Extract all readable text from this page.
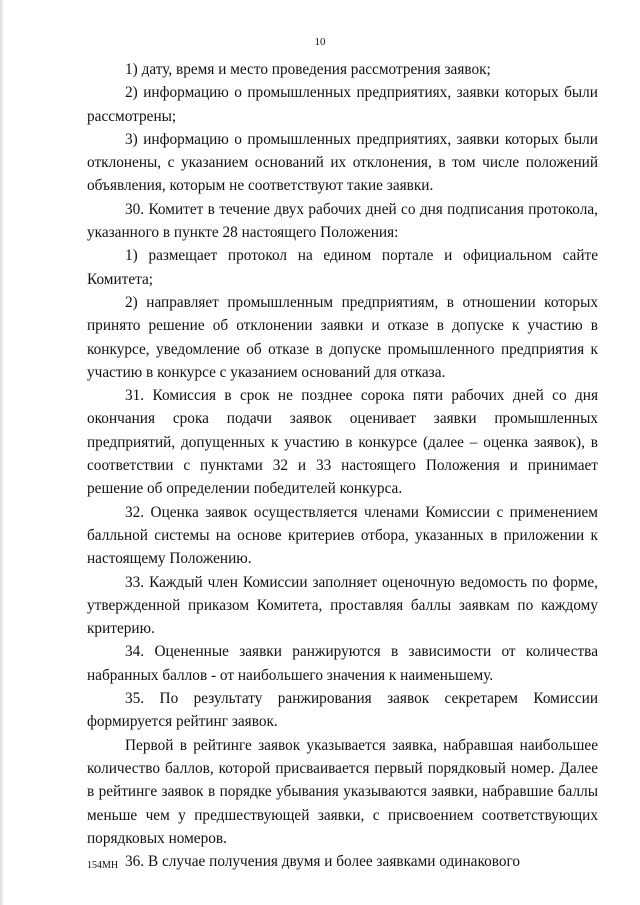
10

1) дату, время и место проведения рассмотрения заявок;

2) информацию о промышленных предприятиях, заявки которых были рассмотрены;

3) информацию о промышленных предприятиях, заявки которых были отклонены, с указанием оснований их отклонения, в том числе положений объявления, которым не соответствуют такие заявки.

30. Комитет в течение двух рабочих дней со дня подписания протокола, указанного в пункте 28 настоящего Положения:

1) размещает протокол на едином портале и официальном сайте Комитета;

2) направляет промышленным предприятиям, в отношении которых принято решение об отклонении заявки и отказе в допуске к участию в конкурсе, уведомление об отказе в допуске промышленного предприятия к участию в конкурсе с указанием оснований для отказа.

31. Комиссия в срок не позднее сорока пяти рабочих дней со дня окончания срока подачи заявок оценивает заявки промышленных предприятий, допущенных к участию в конкурсе (далее – оценка заявок), в соответствии с пунктами 32 и 33 настоящего Положения и принимает решение об определении победителей конкурса.

32. Оценка заявок осуществляется членами Комиссии с применением балльной системы на основе критериев отбора, указанных в приложении к настоящему Положению.

33. Каждый член Комиссии заполняет оценочную ведомость по форме, утвержденной приказом Комитета, проставляя баллы заявкам по каждому критерию.

34. Оцененные заявки ранжируются в зависимости от количества набранных баллов - от наибольшего значения к наименьшему.

35. По результату ранжирования заявок секретарем Комиссии формируется рейтинг заявок.

Первой в рейтинге заявок указывается заявка, набравшая наибольшее количество баллов, которой присваивается первый порядковый номер. Далее в рейтинге заявок в порядке убывания указываются заявки, набравшие баллы меньше чем у предшествующей заявки, с присвоением соответствующих порядковых номеров.

36. В случае получения двумя и более заявками одинакового

154МН
